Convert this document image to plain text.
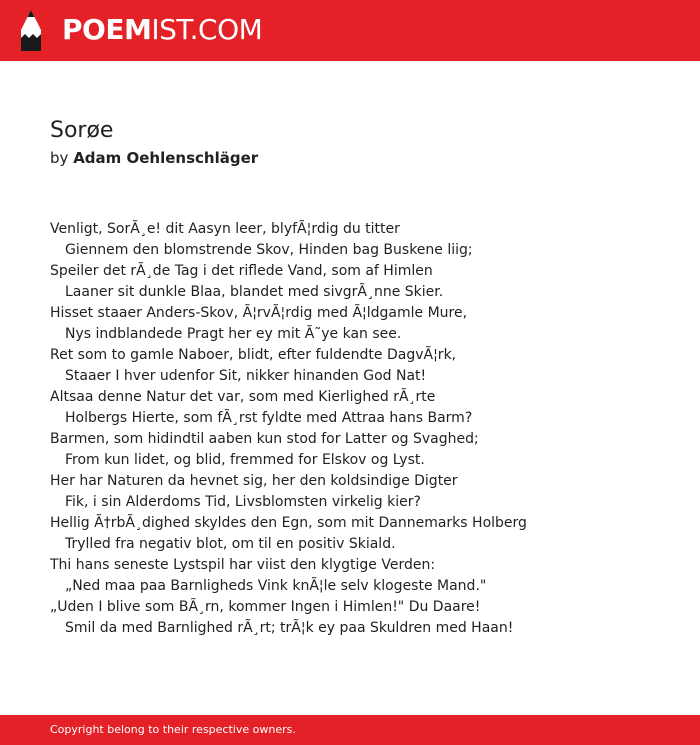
POEMIST.COM
Sorøe
by Adam Oehlenschläger
Venligt, SorÃ¸e! dit Aasyn leer, blyfÃ¦rdig du titter
Giennem den blomstrende Skov, Hinden bag Buskene liig;
Speiler det rÃ¸de Tag i det riflede Vand, som af Himlen
Laaner sit dunkle Blaa, blandet med sivgrÃ¸nne Skier.
Hisset staaer Anders-Skov, Ã¦rvÃ¦rdig med Ã¦ldgamle Mure,
Nys indblandede Pragt her ey mit Ã˜ye kan see.
Ret som to gamle Naboer, blidt, efter fuldendte DagvÃ¦rk,
Staaer I hver udenfor Sit, nikker hinanden God Nat!
Altsaa denne Natur det var, som med Kierlighed rÃ¸rte
Holbergs Hierte, som fÃ¸rst fyldte med Attraa hans Barm?
Barmen, som hidindtil aaben kun stod for Latter og Svaghed;
From kun lidet, og blid, fremmed for Elskov og Lyst.
Her har Naturen da hevnet sig, her den koldsindige Digter
Fik, i sin Alderdoms Tid, Livsblomsten virkelig kier?
Hellig Ã†rbÃ¸dighed skyldes den Egn, som mit Dannemarks Holberg
Trylled fra negativ blot, om til en positiv Skiald.
Thi hans seneste Lystspil har viist den klygtige Verden:
„Ned maa paa Barnligheds Vink knÃ¦le selv klogeste Mand."
„Uden I blive som BÃ¸rn, kommer Ingen i Himlen!" Du Daare!
Smil da med Barnlighed rÃ¸rt; trÃ¦k ey paa Skuldren med Haan!
Copyright belong to their respective owners.
